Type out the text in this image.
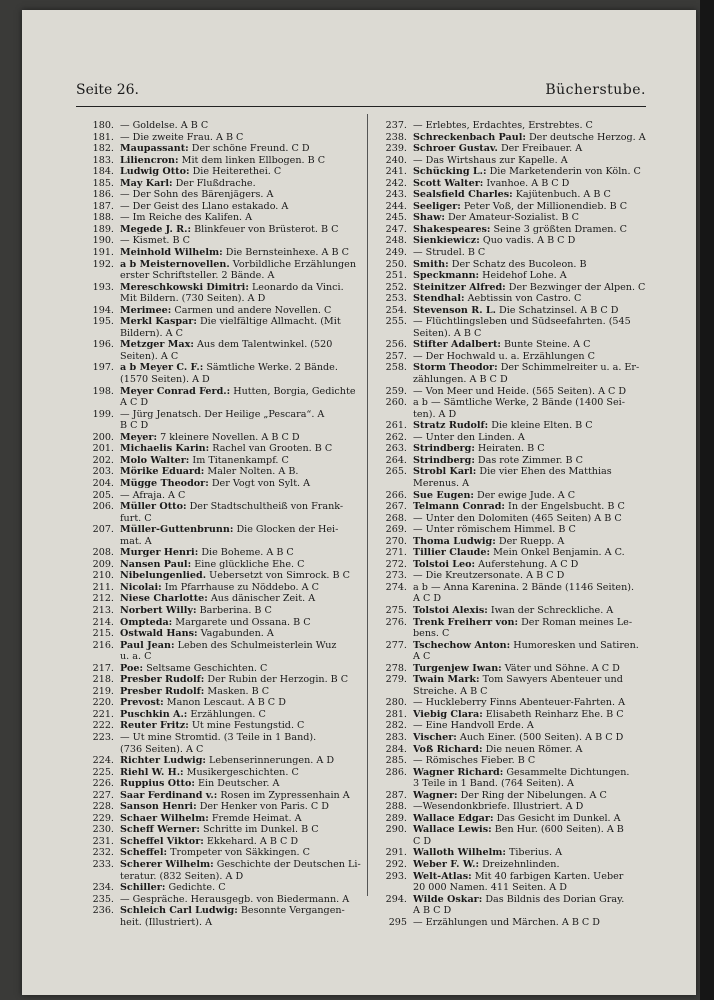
Seite 26.	Bücherstube.
180. — Goldelse. A B C
181. — Die zweite Frau. A B C
182. Maupassant: Der schöne Freund. C D
183. Liliencron: Mit dem linken Ellbogen. B C
184. Ludwig Otto: Die Heiterethei. C
185. May Karl: Der Flußdrache.
186. — Der Sohn des Bärenjägers. A
187. — Der Geist des Llano estakado. A
188. — Im Reiche des Kalifen. A
189. Megede J. R.: Blinkfeuer von Brüsterot. B C
190. — Kismet. B C
191. Meinhold Wilhelm: Die Bernsteinhexe. A B C
192. a b Meisternovellen. Vorbildliche Erzählungen
erster Schriftsteller. 2 Bände. A
193. Mereschkowski Dimitri: Leonardo da Vinci.
Mit Bildern. (730 Seiten). A D
194. Merimee: Carmen und andere Novellen. C
195. Merkl Kaspar: Die vielfältige Allmacht. (Mit
Bildern). A C
196. Metzger Max: Aus dem Talentwinkel. (520
Seiten). A C
197. a b Meyer C. F.: Sämtliche Werke. 2 Bände.
(1570 Seiten). A D
198. Meyer Conrad Ferd.: Hutten, Borgia, Gedichte
A C D
199. — Jürg Jenatsch. Der Heilige „Pescara“. A
B C D
200. Meyer: 7 kleinere Novellen. A B C D
201. Michaelis Karin: Rachel van Grooten. B C
202. Molo Walter: Im Titanenkampf. C
203. Mörike Eduard: Maler Nolten. A B.
204. Mügge Theodor: Der Vogt von Sylt. A
205. — Afraja. A C
206. Müller Otto: Der Stadtschultheiß von Frank-
furt. C
207. Müller-Guttenbrunn: Die Glocken der Hei-
mat. A
208. Murger Henri: Die Boheme. A B C
209. Nansen Paul: Eine glückliche Ehe. C
210. Nibelungenlied. Uebersetzt von Simrock. B C
211. Nicolai: Im Pfarrhause zu Nöddebo. A C
212. Niese Charlotte: Aus dänischer Zeit. A
213. Norbert Willy: Barberina. B C
214. Ompteda: Margarete und Ossana. B C
215. Ostwald Hans: Vagabunden. A
216. Paul Jean: Leben des Schulmeisterlein Wuz
u. a. C
217. Poe: Seltsame Geschichten. C
218. Presber Rudolf: Der Rubin der Herzogin. B C
219. Presber Rudolf: Masken. B C
220. Prevost: Manon Lescaut. A B C D
221. Puschkin A.: Erzählungen. C
222. Reuter Fritz: Ut mine Festungstid. C
223. — Ut mine Stromtid. (3 Teile in 1 Band).
(736 Seiten). A C
224. Richter Ludwig: Lebenserinnerungen. A D
225. Riehl W. H.: Musikergeschichten. C
226. Ruppius Otto: Ein Deutscher. A
227. Saar Ferdinand v.: Rosen im Zypressenhain A
228. Sanson Henri: Der Henker von Paris. C D
229. Schaer Wilhelm: Fremde Heimat. A
230. Scheff Werner: Schritte im Dunkel. B C
231. Scheffel Viktor: Ekkehard. A B C D
232. Scheffel: Trompeter von Säkkingen. C
233. Scherer Wilhelm: Geschichte der Deutschen Li-
teratur. (832 Seiten). A D
234. Schiller: Gedichte. C
235. — Gespräche. Herausgegb. von Biedermann. A
236. Schleich Carl Ludwig: Besonnte Vergangen-
heit. (Illustriert). A
237. — Erlebtes, Erdachtes, Erstrebtes. C
238. Schreckenbach Paul: Der deutsche Herzog. A
239. Schroer Gustav. Der Freibauer. A
240. — Das Wirtshaus zur Kapelle. A
241. Schücking L.: Die Marketenderin von Köln. C
242. Scott Walter: Ivanhoe. A B C D
243. Sealsfield Charles: Kajütenbuch. A B C
244. Seeliger: Peter Voß, der Millionendieb. B C
245. Shaw: Der Amateur-Sozialist. B C
247. Shakespeares: Seine 3 größten Dramen. C
248. Sienkiewicz: Quo vadis. A B C D
249. — Strudel. B C
250. Smith: Der Schatz des Bucoleon. B
251. Speckmann: Heidehof Lohe. A
252. Steinitzer Alfred: Der Bezwinger der Alpen. C
253. Stendhal: Aebtissin von Castro. C
254. Stevenson R. L. Die Schatzinsel. A B C D
255. — Flüchtlingsleben und Südseefahrten. (545
Seiten). A B C
256. Stifter Adalbert: Bunte Steine. A C
257. — Der Hochwald u. a. Erzählungen C
258. Storm Theodor: Der Schimmelreiter u. a. Er-
zählungen. A B C D
259. — Von Meer und Heide. (565 Seiten). A C D
260. a b — Sämtliche Werke, 2 Bände (1400 Sei-
ten). A D
261. Stratz Rudolf: Die kleine Elten. B C
262. — Unter den Linden. A
263. Strindberg: Heiraten. B C
264. Strindberg: Das rote Zimmer. B C
265. Strobl Karl: Die vier Ehen des Matthias
Merenus. A
266. Sue Eugen: Der ewige Jude. A C
267. Telmann Conrad: In der Engelsbucht. B C
268. — Unter den Dolomiten (465 Seiten) A B C
269. — Unter römischem Himmel. B C
270. Thoma Ludwig: Der Ruepp. A
271. Tillier Claude: Mein Onkel Benjamin. A C.
272. Tolstoi Leo: Auferstehung. A C D
273. — Die Kreutzersonate. A B C D
274. a b — Anna Karenina. 2 Bände (1146 Seiten).
A C D
275. Tolstoi Alexis: Iwan der Schreckliche. A
276. Trenk Freiherr von: Der Roman meines Le-
bens. C
277. Tschechow Anton: Humoresken und Satiren.
A C
278. Turgenjew Iwan: Väter und Söhne. A C D
279. Twain Mark: Tom Sawyers Abenteuer und
Streiche. A B C
280. — Huckleberry Finns Abenteuer-Fahrten. A
281. Viebig Clara: Elisabeth Reinharz Ehe. B C
282. — Eine Handvoll Erde. A
283. Vischer: Auch Einer. (500 Seiten). A B C D
284. Voß Richard: Die neuen Römer. A
285. — Römisches Fieber. B C
286. Wagner Richard: Gesammelte Dichtungen.
3 Teile in 1 Band. (764 Seiten). A
287. Wagner: Der Ring der Nibelungen. A C
288. —Wesendonkbriefe. Illustriert. A D
289. Wallace Edgar: Das Gesicht im Dunkel. A
290. Wallace Lewis: Ben Hur. (600 Seiten). A B
C D
291. Walloth Wilhelm: Tiberius. A
292. Weber F. W.: Dreizehnlinden.
293. Welt-Atlas: Mit 40 farbigen Karten. Ueber
20 000 Namen. 411 Seiten. A D
294. Wilde Oskar: Das Bildnis des Dorian Gray.
A B C D
295 — Erzählungen und Märchen. A B C D
